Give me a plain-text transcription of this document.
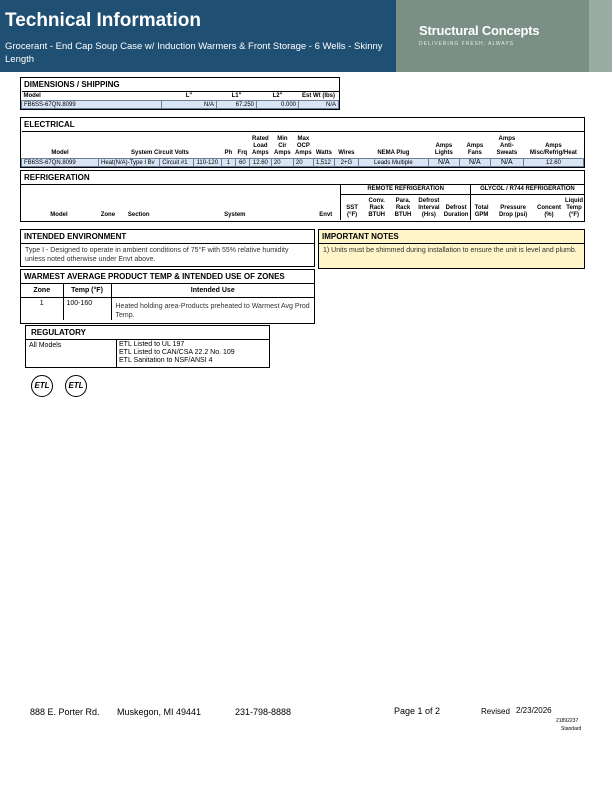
Technical Information
Grocerant - End Cap Soup Case w/ Induction Warmers & Front Storage - 6 Wells - Skinny Length
Structural Concepts
DELIVERING FRESH, ALWAYS
DIMENSIONS / SHIPPING
Model	L"	L1"	L2"	Est Wt (lbs)
FB6SS-67QN.8099	N/A	67.250	0.000	N/A
ELECTRICAL
Model	System Circuit Volts			Ph	Frq	Rated Load Amps	Min Cir Amps	Max OCP Amps	Watts	Wires	NEMA Plug	Amps Lights	Amps Fans	Amps Anti-Sweats	Amps Misc/Refrig/Heat
FB6SS-67QN.8099	Heat(N/A)-Type I Bv	Circuit #1	110-120	1	60	12.60	20	20	1,512	2+G	Leads Multiple	N/A	N/A	N/A	12.60
REFRIGERATION
					REMOTE REFRIGERATION					GLYCOL / R744 REFRIGERATION			
Model	Zone	Section	System	Envt	SST (°F)	Conv. Rack BTUH	Para. Rack BTUH	Defrost Interval (Hrs)	Defrost Duration	Total GPM	Pressure Drop (psi)	Concent (%)	Liquid Temp (°F)
INTENDED ENVIRONMENT
Type I - Designed to operate in ambient conditions of 75°F with 55% relative humidity unless noted otherwise under Envt above.
IMPORTANT NOTES
1) Units must be shimmed during installation to ensure the unit is level and plumb.
WARMEST AVERAGE PRODUCT TEMP & INTENDED USE OF ZONES
Zone	Temp (°F)	Intended Use
1	100-160	Heated holding area-Products preheated to Warmest Avg Prod Temp.
REGULATORY
All Models	ETL Listed to UL 197
ETL Listed to CAN/CSA 22.2 No. 109
ETL Sanitation to NSF/ANSI 4
ETL	ETL
888 E. Porter Rd. Muskegon, MI 49441	231-798-8888	Page 1 of 2	Revised 2/23/2026
21892237
Standard
